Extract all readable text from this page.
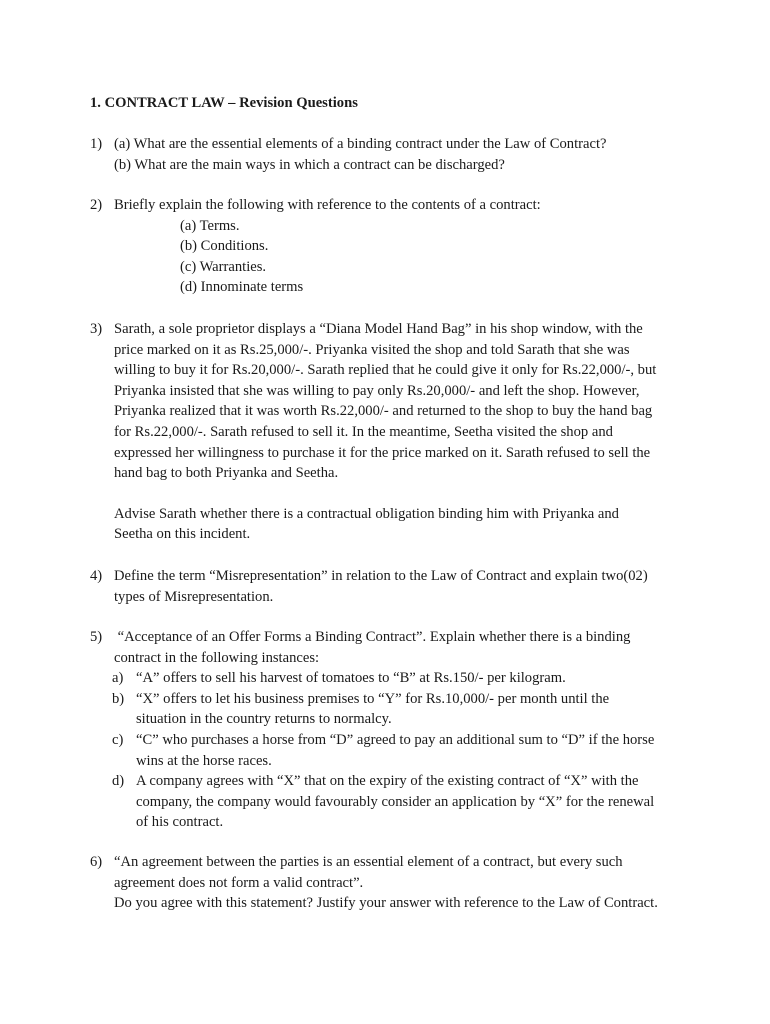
1. CONTRACT LAW – Revision Questions
1) (a) What are the essential elements of a binding contract under the Law of Contract?
(b) What are the main ways in which a contract can be discharged?
2) Briefly explain the following with reference to the contents of a contract:
(a) Terms.
(b) Conditions.
(c) Warranties.
(d) Innominate terms
3) Sarath, a sole proprietor displays a “Diana Model Hand Bag” in his shop window, with the
price marked on it as Rs.25,000/-. Priyanka visited the shop and told Sarath that she was
willing to buy it for Rs.20,000/-. Sarath replied that he could give it only for Rs.22,000/-, but
Priyanka insisted that she was willing to pay only Rs.20,000/- and left the shop. However,
Priyanka realized that it was worth Rs.22,000/- and returned to the shop to buy the hand bag
for Rs.22,000/-. Sarath refused to sell it. In the meantime, Seetha visited the shop and
expressed her willingness to purchase it for the price marked on it. Sarath refused to sell the
hand bag to both Priyanka and Seetha.
Advise Sarath whether there is a contractual obligation binding him with Priyanka and
Seetha on this incident.
4) Define the term “Misrepresentation” in relation to the Law of Contract and explain two(02)
types of Misrepresentation.
5) “Acceptance of an Offer Forms a Binding Contract”. Explain whether there is a binding
contract in the following instances:
a) “A” offers to sell his harvest of tomatoes to “B” at Rs.150/- per kilogram.
b) “X” offers to let his business premises to “Y” for Rs.10,000/- per month until the
situation in the country returns to normalcy.
c) “C” who purchases a horse from “D” agreed to pay an additional sum to “D” if the horse
wins at the horse races.
d) A company agrees with “X” that on the expiry of the existing contract of “X” with the
company, the company would favourably consider an application by “X” for the renewal
of his contract.
6) “An agreement between the parties is an essential element of a contract, but every such
agreement does not form a valid contract”.
Do you agree with this statement? Justify your answer with reference to the Law of Contract.
